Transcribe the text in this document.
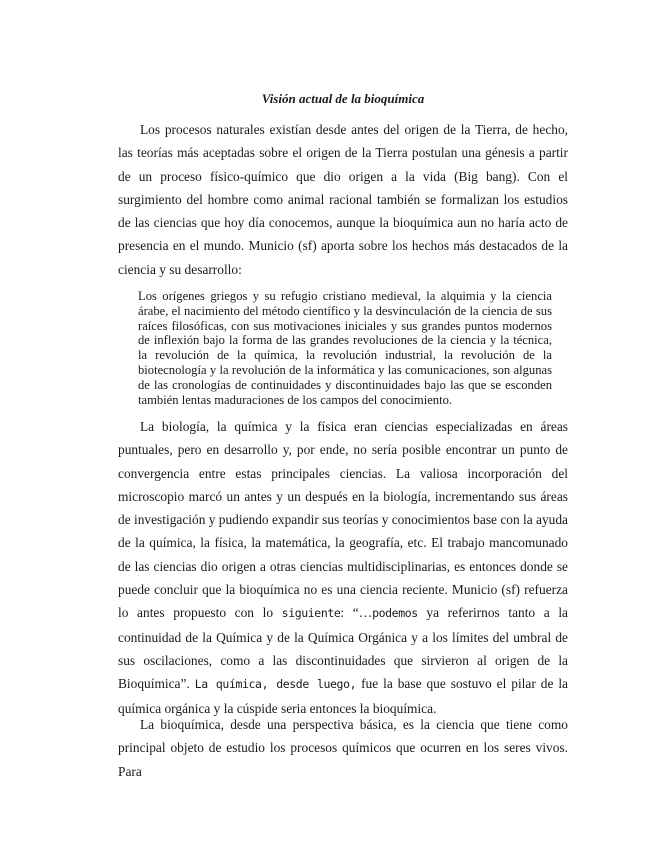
Visión actual de la bioquímica

Los procesos naturales existían desde antes del origen de la Tierra, de hecho, las teorías más aceptadas sobre el origen de la Tierra postulan una génesis a partir de un proceso físico-químico que dio origen a la vida (Big bang). Con el surgimiento del hombre como animal racional también se formalizan los estudios de las ciencias que hoy día conocemos, aunque la bioquímica aun no haría acto de presencia en el mundo. Municio (sf) aporta sobre los hechos más destacados de la ciencia y su desarrollo:

Los orígenes griegos y su refugio cristiano medieval, la alquimia y la ciencia árabe, el nacimiento del método científico y la desvinculación de la ciencia de sus raíces filosóficas, con sus motivaciones iniciales y sus grandes puntos modernos de inflexión bajo la forma de las grandes revoluciones de la ciencia y la técnica, la revolución de la química, la revolución industrial, la revolución de la biotecnología y la revolución de la informática y las comunicaciones, son algunas de las cronologías de continuidades y discontinuidades bajo las que se esconden también lentas maduraciones de los campos del conocimiento.

La biología, la química y la física eran ciencias especializadas en áreas puntuales, pero en desarrollo y, por ende, no sería posible encontrar un punto de convergencia entre estas principales ciencias. La valiosa incorporación del microscopio marcó un antes y un después en la biología, incrementando sus áreas de investigación y pudiendo expandir sus teorías y conocimientos base con la ayuda de la química, la física, la matemática, la geografía, etc. El trabajo mancomunado de las ciencias dio origen a otras ciencias multidisciplinarias, es entonces donde se puede concluir que la bioquímica no es una ciencia reciente. Municio (sf) refuerza lo antes propuesto con lo siguiente: “…podemos ya referirnos tanto a la continuidad de la Química y de la Química Orgánica y a los límites del umbral de sus oscilaciones, como a las discontinuidades que sirvieron al origen de la Bioquímica”. La química, desde luego, fue la base que sostuvo el pilar de la química orgánica y la cúspide seria entonces la bioquímica.

La bioquímica, desde una perspectiva básica, es la ciencia que tiene como principal objeto de estudio los procesos químicos que ocurren en los seres vivos. Para
